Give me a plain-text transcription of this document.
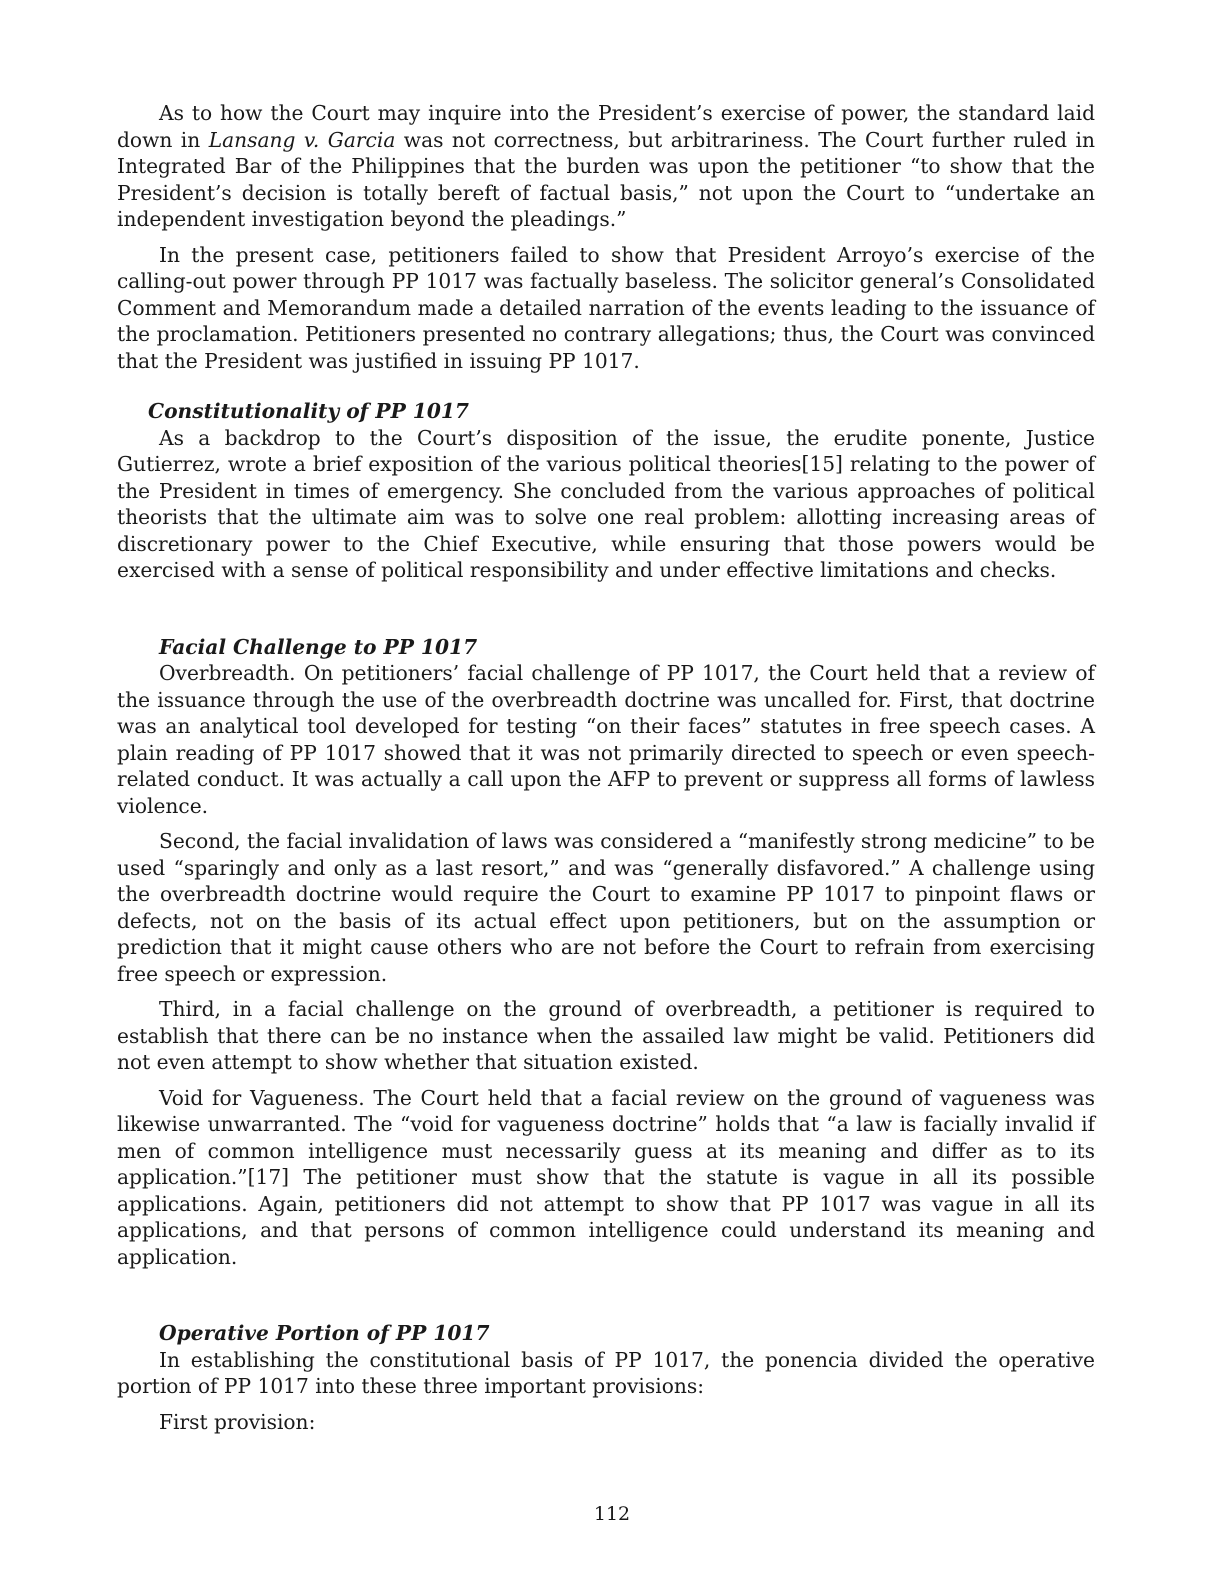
As to how the Court may inquire into the President’s exercise of power, the standard laid down in Lansang v. Garcia was not correctness, but arbitrariness. The Court further ruled in Integrated Bar of the Philippines that the burden was upon the petitioner “to show that the President’s decision is totally bereft of factual basis,” not upon the Court to “undertake an independent investigation beyond the pleadings.”

In the present case, petitioners failed to show that President Arroyo’s exercise of the calling-out power through PP 1017 was factually baseless. The solicitor general’s Consolidated Comment and Memorandum made a detailed narration of the events leading to the issuance of the proclamation. Petitioners presented no contrary allegations; thus, the Court was convinced that the President was justified in issuing PP 1017.

Constitutionality of PP 1017

As a backdrop to the Court’s disposition of the issue, the erudite ponente, Justice Gutierrez, wrote a brief exposition of the various political theories[15] relating to the power of the President in times of emergency. She concluded from the various approaches of political theorists that the ultimate aim was to solve one real problem: allotting increasing areas of discretionary power to the Chief Executive, while ensuring that those powers would be exercised with a sense of political responsibility and under effective limitations and checks.

Facial Challenge to PP 1017

Overbreadth. On petitioners’ facial challenge of PP 1017, the Court held that a review of the issuance through the use of the overbreadth doctrine was uncalled for. First, that doctrine was an analytical tool developed for testing “on their faces” statutes in free speech cases. A plain reading of PP 1017 showed that it was not primarily directed to speech or even speech-related conduct. It was actually a call upon the AFP to prevent or suppress all forms of lawless violence.

Second, the facial invalidation of laws was considered a “manifestly strong medicine” to be used “sparingly and only as a last resort,” and was “generally disfavored.” A challenge using the overbreadth doctrine would require the Court to examine PP 1017 to pinpoint flaws or defects, not on the basis of its actual effect upon petitioners, but on the assumption or prediction that it might cause others who are not before the Court to refrain from exercising free speech or expression.

Third, in a facial challenge on the ground of overbreadth, a petitioner is required to establish that there can be no instance when the assailed law might be valid. Petitioners did not even attempt to show whether that situation existed.

Void for Vagueness. The Court held that a facial review on the ground of vagueness was likewise unwarranted. The “void for vagueness doctrine” holds that “a law is facially invalid if men of common intelligence must necessarily guess at its meaning and differ as to its application.”[17] The petitioner must show that the statute is vague in all its possible applications. Again, petitioners did not attempt to show that PP 1017 was vague in all its applications, and that persons of common intelligence could understand its meaning and application.

Operative Portion of PP 1017

In establishing the constitutional basis of PP 1017, the ponencia divided the operative portion of PP 1017 into these three important provisions:

First provision:

112
